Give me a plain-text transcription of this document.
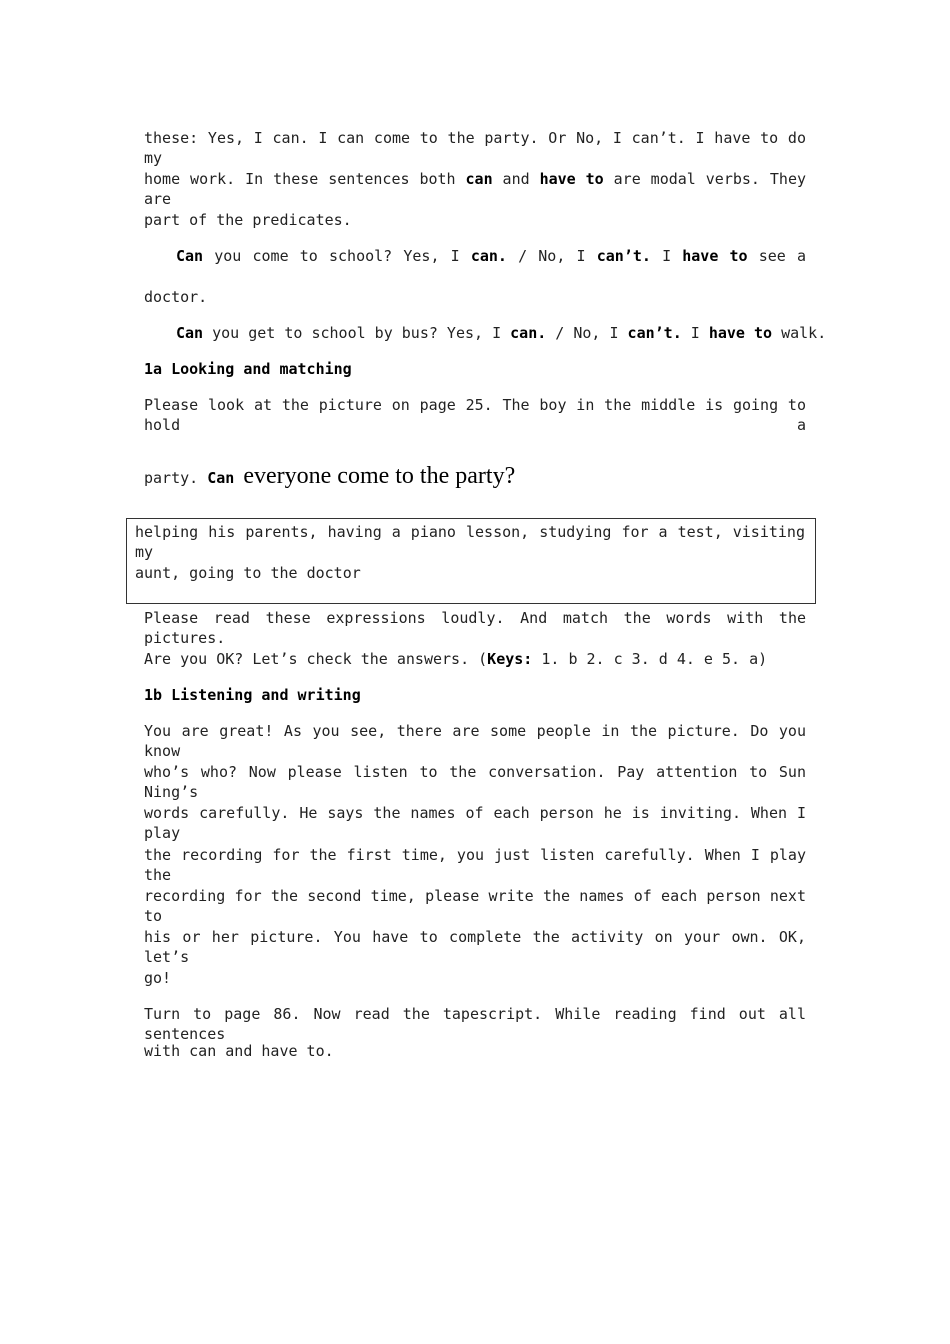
these: Yes, I can. I can come to the party. Or No, I can’t. I have to do my
home work. In these sentences both can and have to are modal verbs. They are
part of the predicates.
Can you come to school? Yes, I can. / No, I can’t. I have to see a
doctor.
Can you get to school by bus? Yes, I can. / No, I can’t. I have to walk.
1a Looking and matching
Please look at the picture on page 25. The boy in the middle is going to hold a
party. Can everyone come to the party?
helping his parents, having a piano lesson, studying for a test, visiting my
aunt, going to the doctor
Please read these expressions loudly. And match the words with the pictures.
Are you OK? Let’s check the answers. (Keys: 1. b 2. c 3. d 4. e 5. a)
1b Listening and writing
You are great! As you see, there are some people in the picture. Do you know
who’s who? Now please listen to the conversation. Pay attention to Sun Ning’s
words carefully. He says the names of each person he is inviting. When I play
the recording for the first time, you just listen carefully. When I play the
recording for the second time, please write the names of each person next to
his or her picture. You have to complete the activity on your own. OK, let’s
go!
Turn to page 86. Now read the tapescript. While reading find out all sentences
with can and have to.
